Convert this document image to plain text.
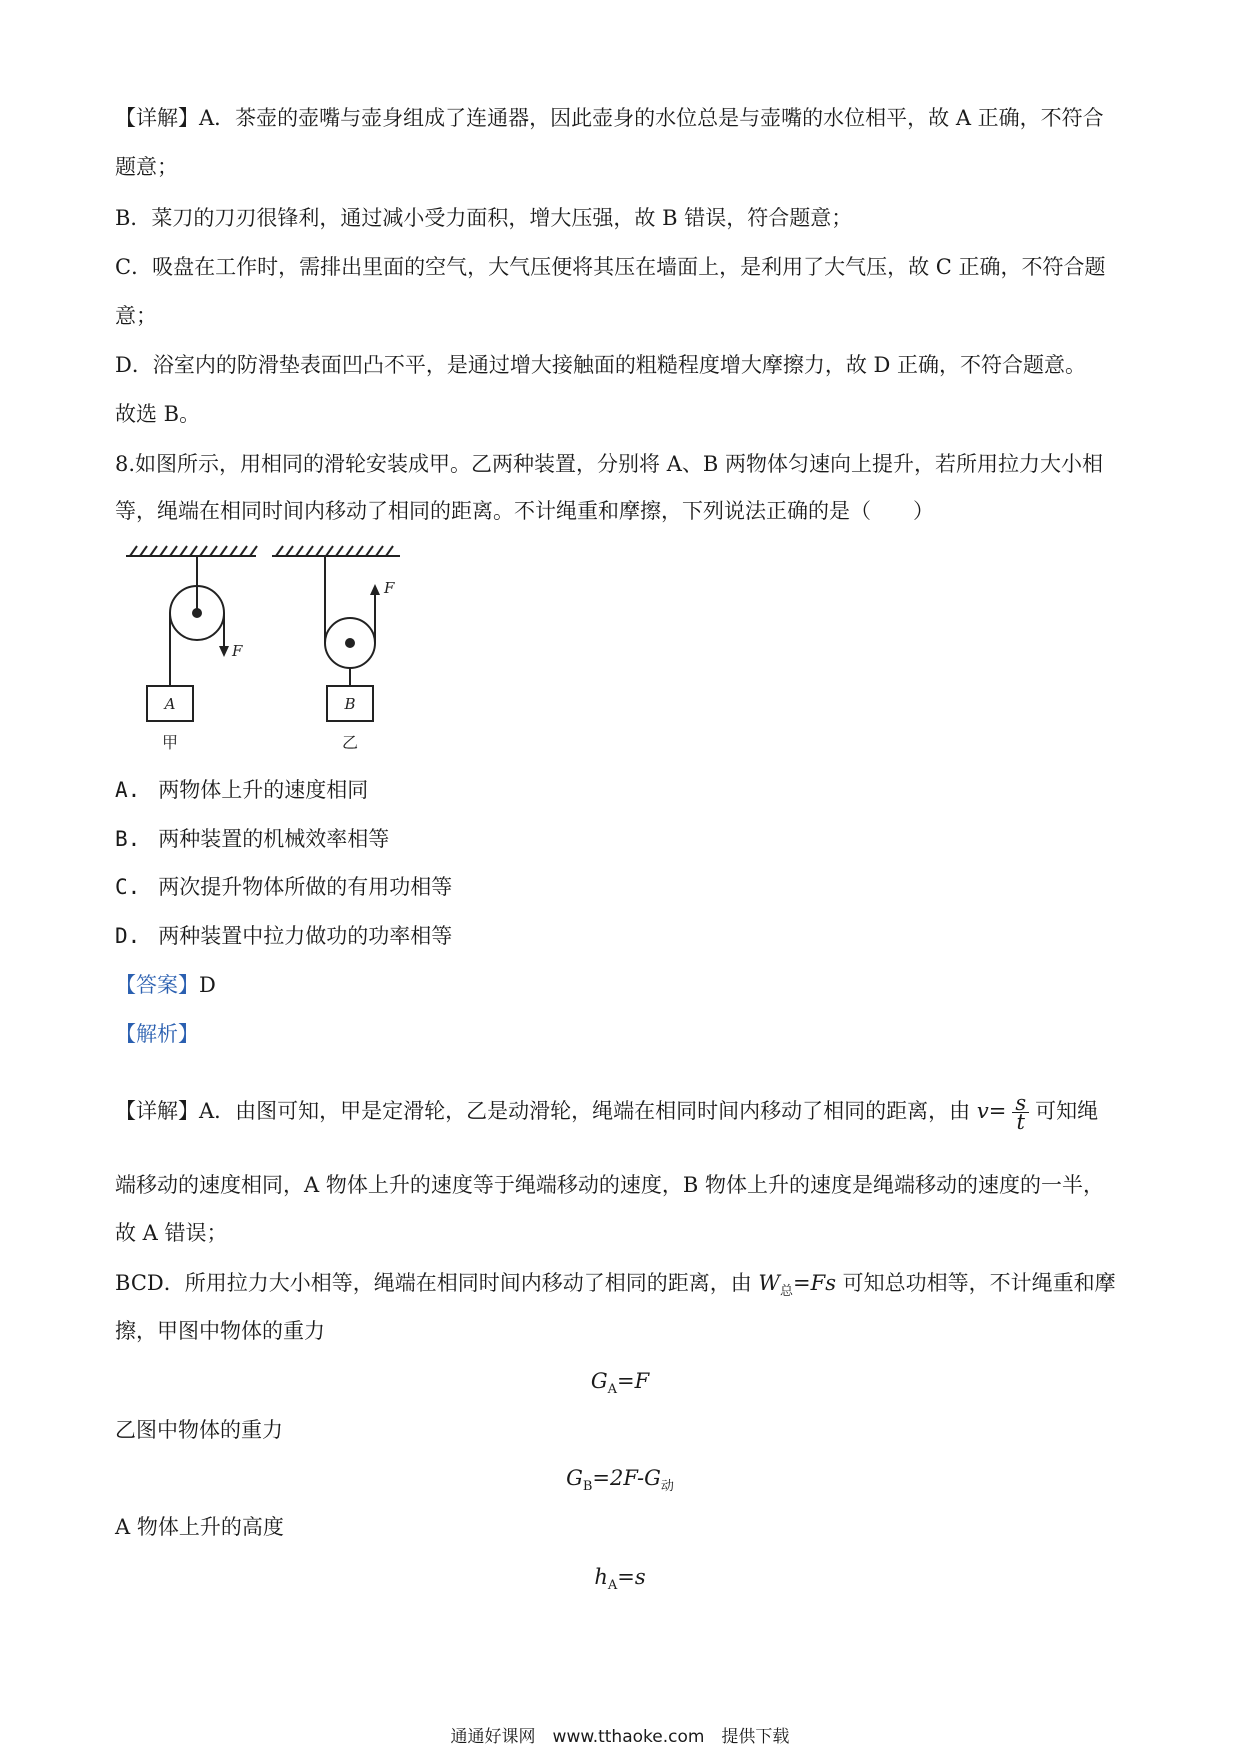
【详解】A．茶壶的壶嘴与壶身组成了连通器，因此壶身的水位总是与壶嘴的水位相平，故 A 正确，不符合
题意；
B．菜刀的刀刃很锋利，通过减小受力面积，增大压强，故 B 错误，符合题意；
C．吸盘在工作时，需排出里面的空气，大气压便将其压在墙面上，是利用了大气压，故 C 正确，不符合题
意；
D．浴室内的防滑垫表面凹凸不平，是通过增大接触面的粗糙程度增大摩擦力，故 D 正确，不符合题意。
故选 B。
8.如图所示，用相同的滑轮安装成甲。乙两种装置，分别将 A、B 两物体匀速向上提升，若所用拉力大小相
等，绳端在相同时间内移动了相同的距离。不计绳重和摩擦，下列说法正确的是（　　）
A
F
甲
B
F
乙
A. 两物体上升的速度相同
B. 两种装置的机械效率相等
C. 两次提升物体所做的有用功相等
D. 两种装置中拉力做功的功率相等
【答案】D
【解析】
【详解】A．由图可知，甲是定滑轮，乙是动滑轮，绳端在相同时间内移动了相同的距离，由 $v= \frac{s}{t}$ 可知绳
端移动的速度相同，A 物体上升的速度等于绳端移动的速度，B 物体上升的速度是绳端移动的速度的一半，
故 A 错误；
BCD．所用拉力大小相等，绳端在相同时间内移动了相同的距离，由 $W_总=Fs$ 可知总功相等，不计绳重和摩
擦，甲图中物体的重力
$G_A=F$
乙图中物体的重力
$G_B=2F-G_动$
A 物体上升的高度
$h_A=s$
通通好课网　www.tthaoke.com　提供下载
